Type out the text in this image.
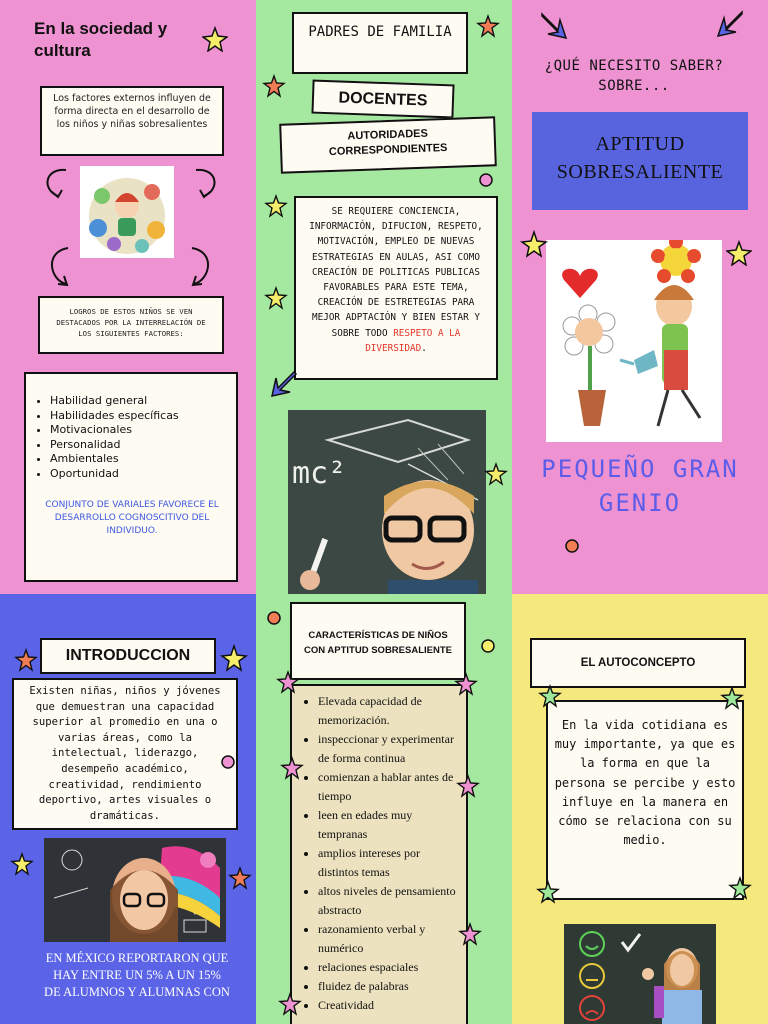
En la sociedad y cultura
Los factores externos influyen de forma directa en el desarrollo de los niños y niñas sobresalientes
LOGROS DE ESTOS NIÑOS SE VEN DESTACADOS POR LA INTERRELACIÓN DE LOS SIGUIENTES FACTORES:
• Habilidad general
• Habilidades específicas
• Motivacionales
• Personalidad
• Ambientales
• Oportunidad
CONJUNTO DE VARIALES FAVORECE EL DESARROLLO COGNOSCITIVO DEL INDIVIDUO.
PADRES DE FAMILIA
DOCENTES
AUTORIDADES CORRESPONDIENTES
SE REQUIERE CONCIENCIA, INFORMACIÓN, DIFUCION, RESPETO, MOTIVACIÓN, EMPLEO DE NUEVAS ESTRATEGIAS EN AULAS, ASI COMO CREACIÓN DE POLITICAS PUBLICAS FAVORABLES PARA ESTE TEMA, CREACIÓN DE ESTRETEGIAS PARA MEJOR ADPTACIÓN Y BIEN ESTAR Y SOBRE TODO RESPETO A LA DIVERSIDAD.
mc²
¿QUÉ NECESITO SABER? SOBRE...
APTITUD SOBRESALIENTE
PEQUEÑO GRAN GENIO
INTRODUCCION
Existen niñas, niños y jóvenes que demuestran una capacidad superior al promedio en una o varias áreas, como la intelectual, liderazgo, desempeño académico, creatividad, rendimiento deportivo, artes visuales o dramáticas.
EN MÉXICO REPORTARON QUE HAY ENTRE UN 5% A UN 15% DE ALUMNOS Y ALUMNAS CON
CARACTERÍSTICAS DE NIÑOS CON APTITUD SOBRESALIENTE
• Elevada capacidad de memorización.
• inspeccionar y experimentar de forma continua
• comienzan a hablar antes de tiempo
• leen en edades muy tempranas
• amplios intereses por distintos temas
• altos niveles de pensamiento abstracto
• razonamiento verbal y numérico
• relaciones espaciales
• fluidez de palabras
• Creatividad
EL AUTOCONCEPTO
En la vida cotidiana es muy importante, ya que es la forma en que la persona se percibe y esto influye en la manera en cómo se relaciona con su medio.
